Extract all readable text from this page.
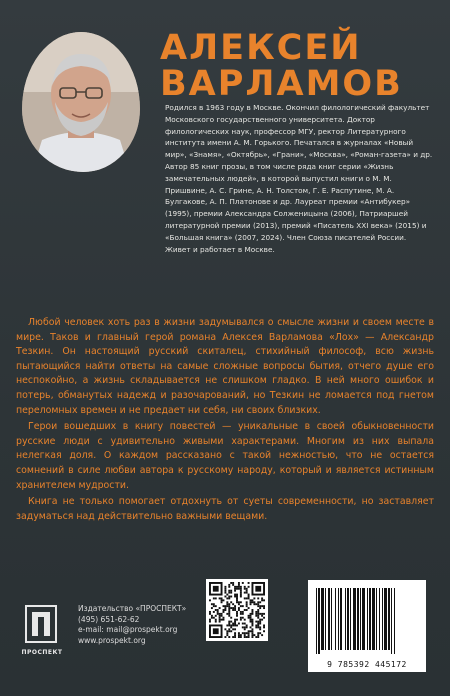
АЛЕКСЕЙ
ВАРЛАМОВ
Родился в 1963 году в Москве. Окончил филологический факультет Московского государственного университета. Доктор филологических наук, профессор МГУ, ректор Литературного института имени А. М. Горького. Печатался в журналах «Новый мир», «Знамя», «Октябрь», «Грани», «Москва», «Роман-газета» и др. Автор 85 книг прозы, в том числе ряда книг серии «Жизнь замечательных людей», в которой выпустил книги о М. М. Пришвине, А. С. Грине, А. Н. Толстом, Г. Е. Распутине, М. А. Булгакове, А. П. Платонове и др. Лауреат премии «Антибукер» (1995), премии Александра Солженицына (2006), Патриаршей литературной премии (2013), премий «Писатель XXI века» (2015) и «Большая книга» (2007, 2024). Член Союза писателей России. Живет и работает в Москве.

Любой человек хоть раз в жизни задумывался о смысле жизни и своем месте в мире. Таков и главный герой романа Алексея Варламова «Лох» — Александр Тезкин. Он настоящий русский скиталец, стихийный философ, всю жизнь пытающийся найти ответы на самые сложные вопросы бытия, отчего душе его неспокойно, а жизнь складывается не слишком гладко. В ней много ошибок и потерь, обманутых надежд и разочарований, но Тезкин не ломается под гнетом переломных времен и не предает ни себя, ни своих близких.

Герои вошедших в книгу повестей — уникальные в своей обыкновенности русские люди с удивительно живыми характерами. Многим из них выпала нелегкая доля. О каждом рассказано с такой нежностью, что не остается сомнений в силе любви автора к русскому народу, который и является истинным хранителем мудрости.

Книга не только помогает отдохнуть от суеты современности, но заставляет задуматься над действительно важными вещами.

ПРОСПЕКТ
Издательство «ПРОСПЕКТ»
(495) 651-62-62
e-mail: mail@prospekt.org
www.prospekt.org
9 785392 445172
